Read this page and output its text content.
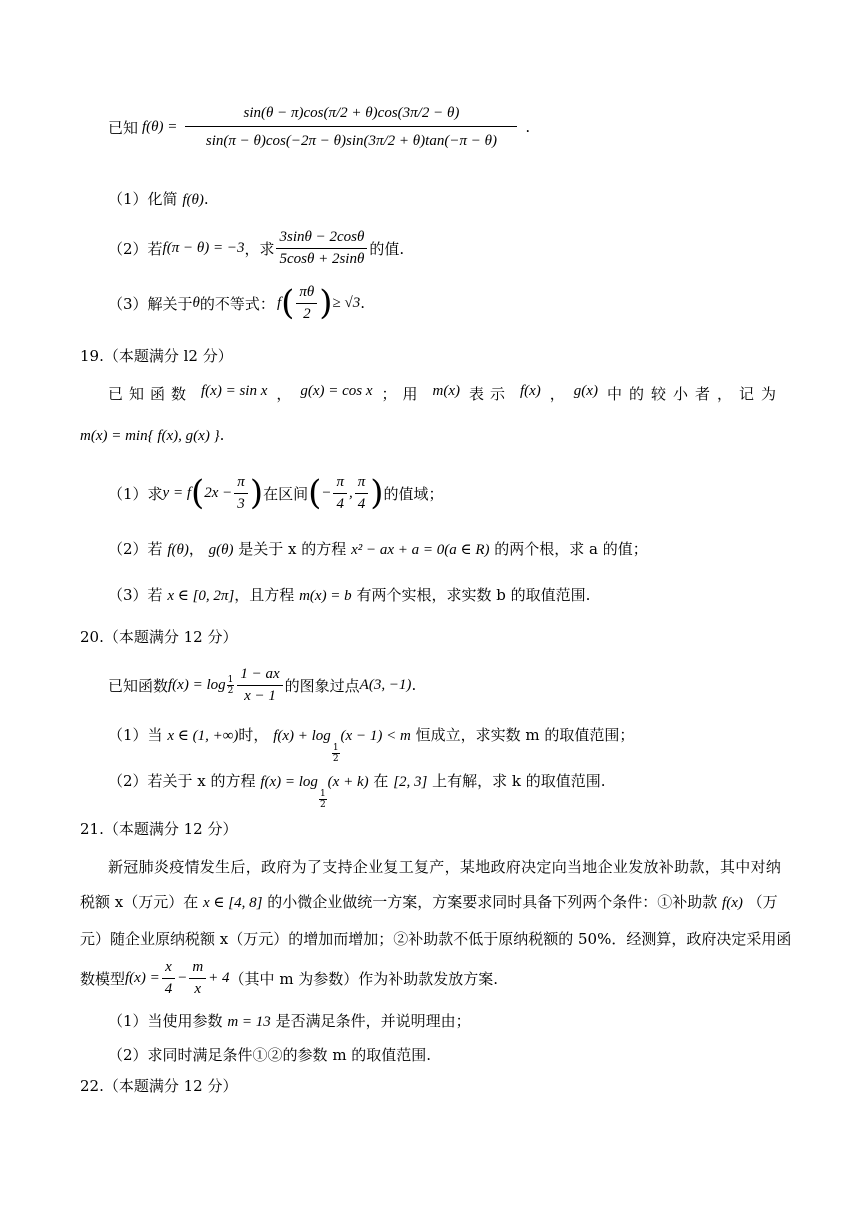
已知 $f(\theta) = \frac{\sin(\theta - \pi)\cos(\pi/2 + \theta)\cos(3\pi/2 - \theta)}{\sin(\pi - \theta)\cos(-2\pi - \theta)\sin(3\pi/2 + \theta)\tan(-\pi - \theta)}$ .
（1）化简 f(θ).
（2）若 f(π − θ) = −3 ，求 $\frac{3\sin\theta - 2\cos\theta}{5\cos\theta + 2\sin\theta}$ 的值.
（3）解关于 θ 的不等式： f ( $\frac{\pi\theta}{2}$ ) ≥ √3 .
19.（本题满分 l2 分）
已知函数 f(x) = sin x ， g(x) = cos x ；用 m(x) 表示 f(x) ， g(x) 中的较小者，记为
m(x) = min{ f(x), g(x) }.
（1）求 y = f ( $2x - \frac{\pi}{3}$ ) 在区间 ( − $\frac{\pi}{4}$ , $\frac{\pi}{4}$ ) 的值域；
（2）若 f(θ)， g(θ) 是关于 x 的方程 x² − ax + a = 0(a ∈ R) 的两个根，求 a 的值；
（3）若 x ∈ [0, 2π]，且方程 m(x) = b 有两个实根，求实数 b 的取值范围.
20.（本题满分 12 分）
已知函数 f(x) = log 1
$2 \frac{1 - ax}{x - 1}$ 的图象过点 A(3, −1) .
（1）当 x ∈ (1, +∞)时， f(x) + log
$\frac{1}{2}$
(x − 1) < m 恒成立，求实数 m 的取值范围；
（2）若关于 x 的方程 f(x) = log
$\frac{1}{2}$
(x + k) 在 [2, 3] 上有解，求 k 的取值范围.
21.（本题满分 12 分）
新冠肺炎疫情发生后，政府为了支持企业复工复产，某地政府决定向当地企业发放补助款，其中对纳
税额 x（万元）在 x ∈ [4, 8] 的小微企业做统一方案，方案要求同时具备下列两个条件：①补助款 f(x) （万
元）随企业原纳税额 x（万元）的增加而增加；②补助款不低于原纳税额的 50%．经测算，政府决定采用函
数模型 $f(x) = \frac{x}{4} - \frac{m}{x} + 4$ （其中 m 为参数）作为补助款发放方案.
（1）当使用参数 m = 13 是否满足条件，并说明理由；
（2）求同时满足条件①②的参数 m 的取值范围.
22.（本题满分 12 分）
